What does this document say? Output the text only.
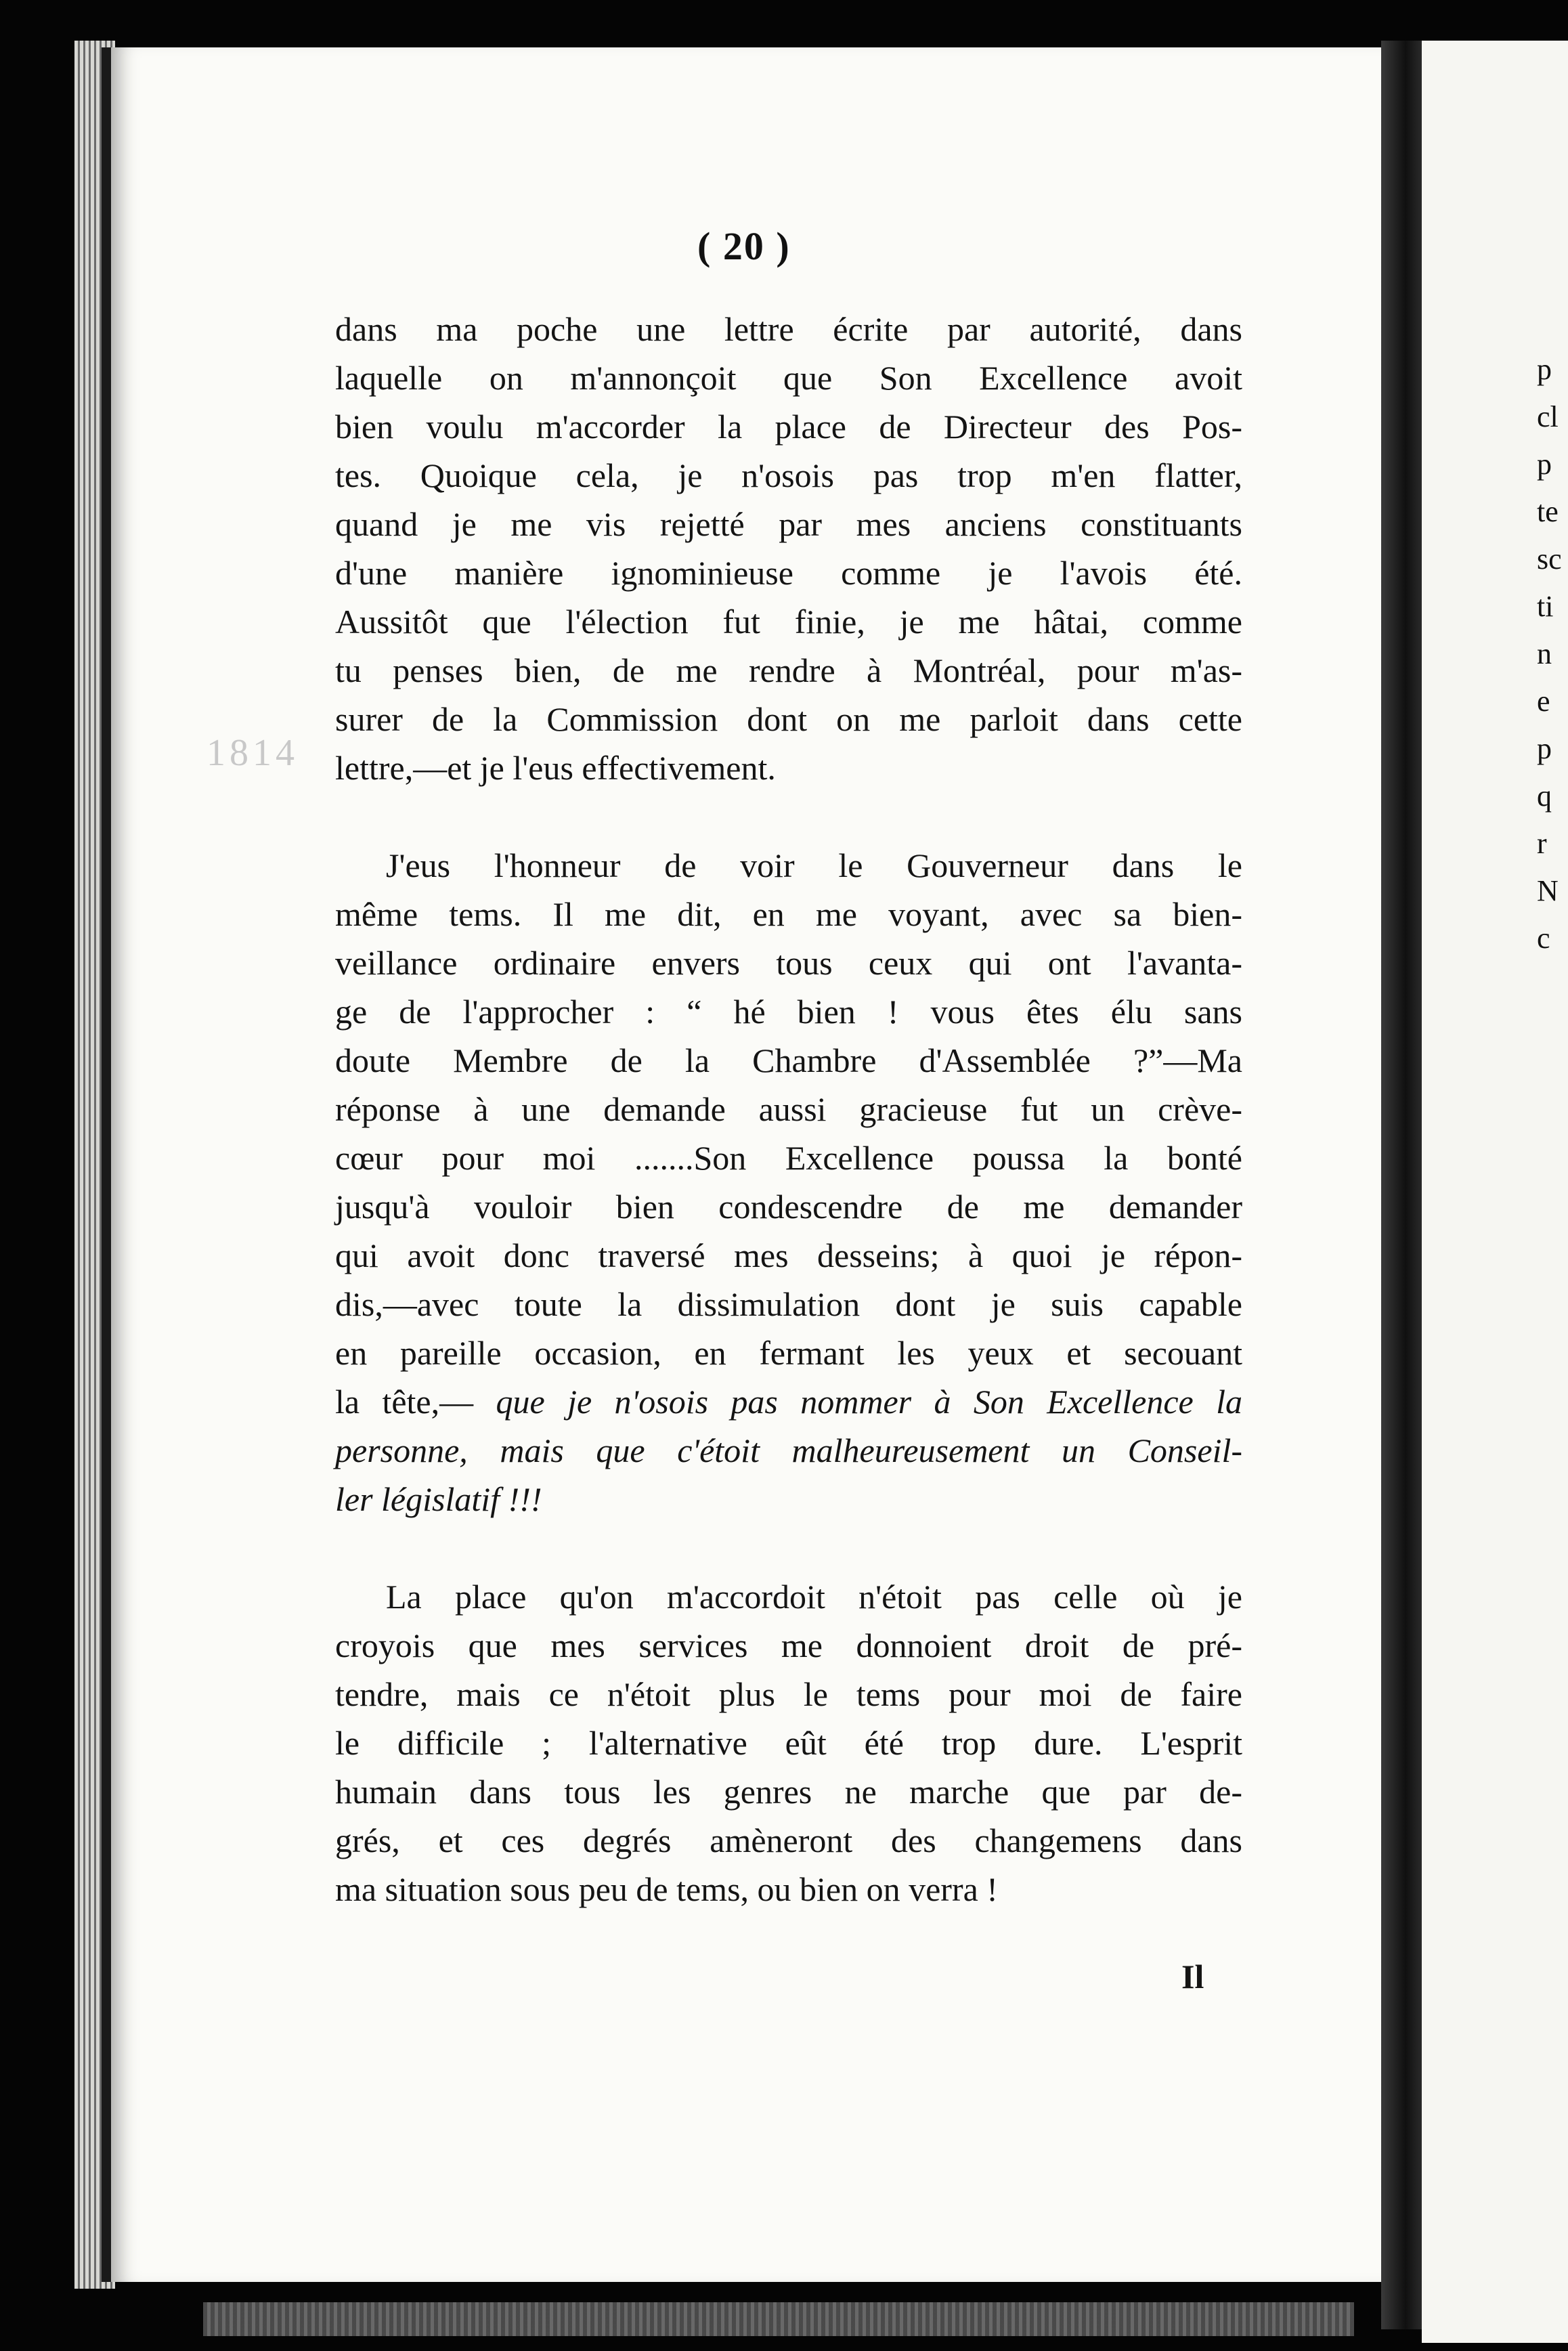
p
cl
p
te
sc
ti
n
e
p
q
r
N
c
( 20 )
1814
dans ma poche une lettre écrite par autorité, dans
laquelle on m'annonçoit que Son Excellence avoit
bien voulu m'accorder la place de Directeur des Pos-
tes. Quoique cela, je n'osois pas trop m'en flatter,
quand je me vis rejetté par mes anciens constituants
d'une manière ignominieuse comme je l'avois été.
Aussitôt que l'élection fut finie, je me hâtai, comme
tu penses bien, de me rendre à Montréal, pour m'as-
surer de la Commission dont on me parloit dans cette
lettre,—et je l'eus effectivement.
J'eus l'honneur de voir le Gouverneur dans le
même tems. Il me dit, en me voyant, avec sa bien-
veillance ordinaire envers tous ceux qui ont l'avanta-
ge de l'approcher : “ hé bien ! vous êtes élu sans
doute Membre de la Chambre d'Assemblée ?”—Ma
réponse à une demande aussi gracieuse fut un crève-
cœur pour moi .......Son Excellence poussa la bonté
jusqu'à vouloir bien condescendre de me demander
qui avoit donc traversé mes desseins; à quoi je répon-
dis,—avec toute la dissimulation dont je suis capable
en pareille occasion, en fermant les yeux et secouant
la tête,— que je n'osois pas nommer à Son Excellence la
personne, mais que c'étoit malheureusement un Conseil-
ler législatif !!!
La place qu'on m'accordoit n'étoit pas celle où je
croyois que mes services me donnoient droit de pré-
tendre, mais ce n'étoit plus le tems pour moi de faire
le difficile ; l'alternative eût été trop dure. L'esprit
humain dans tous les genres ne marche que par de-
grés, et ces degrés amèneront des changemens dans
ma situation sous peu de tems, ou bien on verra !
Il
